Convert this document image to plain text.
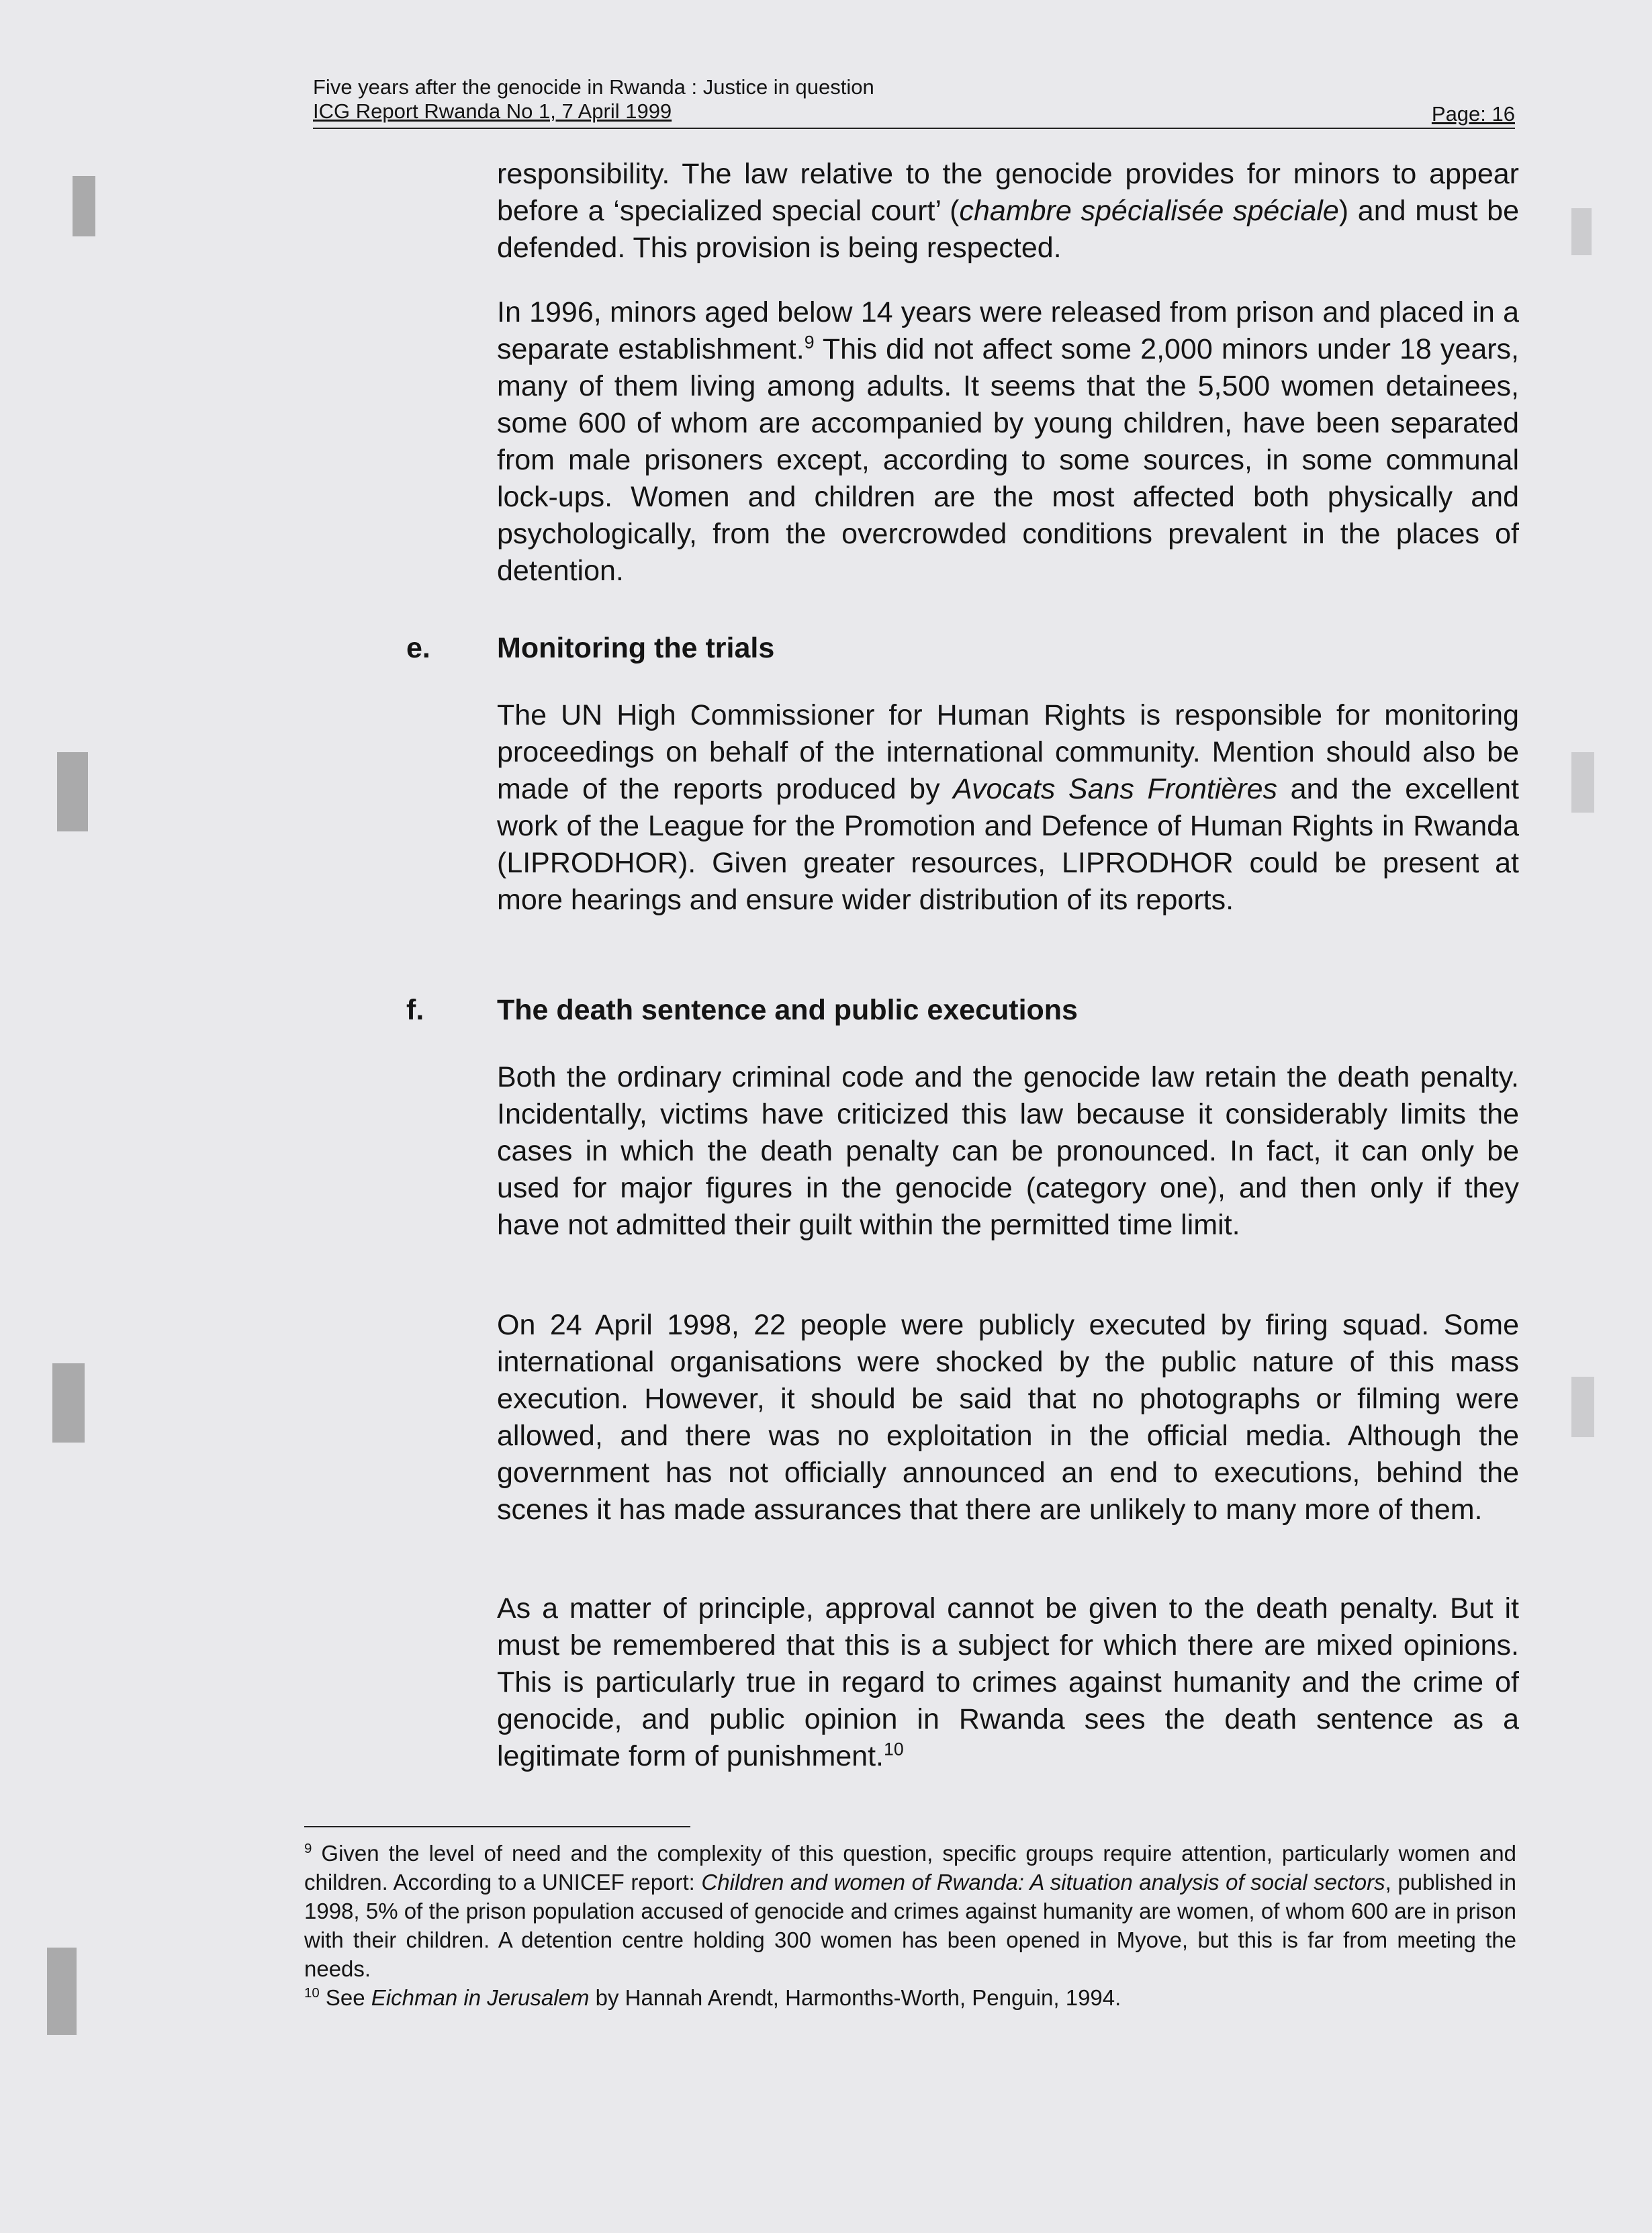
Five years after the genocide in Rwanda : Justice in question
ICG Report Rwanda No 1, 7 April 1999	Page: 16

responsibility. The law relative to the genocide provides for minors to appear before a ‘specialized special court’ (chambre spécialisée spéciale) and must be defended. This provision is being respected.

In 1996, minors aged below 14 years were released from prison and placed in a separate establishment.$^9$ This did not affect some 2,000 minors under 18 years, many of them living among adults. It seems that the 5,500 women detainees, some 600 of whom are accompanied by young children, have been separated from male prisoners except, according to some sources, in some communal lock-ups. Women and children are the most affected both physically and psychologically, from the overcrowded conditions prevalent in the places of detention.

e. Monitoring the trials

The UN High Commissioner for Human Rights is responsible for monitoring proceedings on behalf of the international community. Mention should also be made of the reports produced by Avocats Sans Frontières and the excellent work of the League for the Promotion and Defence of Human Rights in Rwanda (LIPRODHOR). Given greater resources, LIPRODHOR could be present at more hearings and ensure wider distribution of its reports.

f.	The death sentence and public executions

Both the ordinary criminal code and the genocide law retain the death penalty. Incidentally, victims have criticized this law because it considerably limits the cases in which the death penalty can be pronounced. In fact, it can only be used for major figures in the genocide (category one), and then only if they have not admitted their guilt within the permitted time limit.

On 24 April 1998, 22 people were publicly executed by firing squad. Some international organisations were shocked by the public nature of this mass execution. However, it should be said that no photographs or filming were allowed, and there was no exploitation in the official media. Although the government has not officially announced an end to executions, behind the scenes it has made assurances that there are unlikely to many more of them.

As a matter of principle, approval cannot be given to the death penalty. But it must be remembered that this is a subject for which there are mixed opinions. This is particularly true in regard to crimes against humanity and the crime of genocide, and public opinion in Rwanda sees the death sentence as a legitimate form of punishment.$^{10}$

$^9$ Given the level of need and the complexity of this question, specific groups require attention, particularly women and children. According to a UNICEF report: Children and women of Rwanda: A situation analysis of social sectors, published in 1998, 5% of the prison population accused of genocide and crimes against humanity are women, of whom 600 are in prison with their children. A detention centre holding 300 women has been opened in Myove, but this is far from meeting the needs.

$^{10}$ See Eichman in Jerusalem by Hannah Arendt, Harmonths-Worth, Penguin, 1994.
